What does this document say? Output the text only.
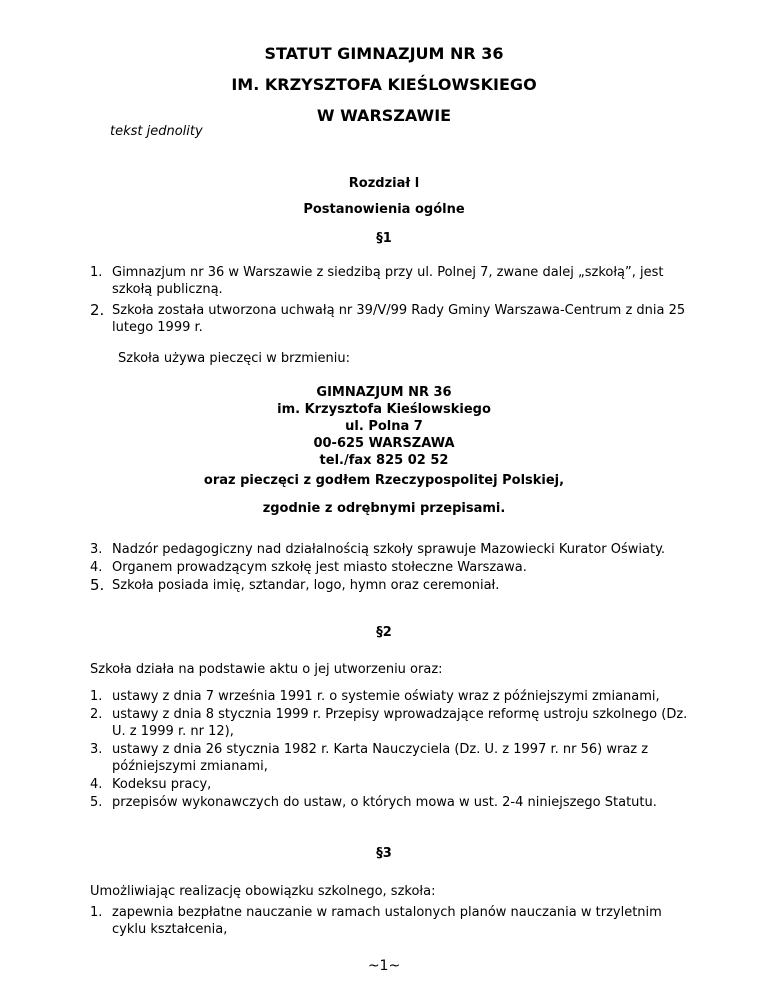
STATUT GIMNAZJUM NR 36
IM. KRZYSZTOFA KIEŚLOWSKIEGO
W WARSZAWIE
tekst jednolity
Rozdział l
Postanowienia ogólne
§1
1. Gimnazjum nr 36 w Warszawie z siedzibą przy ul. Polnej 7, zwane dalej „szkołą”, jest szkołą publiczną.
2. Szkoła została utworzona uchwałą nr 39/V/99 Rady Gminy Warszawa-Centrum z dnia 25 lutego 1999 r.
Szkoła używa pieczęci w brzmieniu:
GIMNAZJUM NR 36
im. Krzysztofa Kieślowskiego
ul. Polna 7
00-625 WARSZAWA
tel./fax 825 02 52
oraz pieczęci z godłem Rzeczypospolitej Polskiej,
zgodnie z odrębnymi przepisami.
3. Nadzór pedagogiczny nad działalnością szkoły sprawuje Mazowiecki Kurator Oświaty.
4. Organem prowadzącym szkołę jest miasto stołeczne Warszawa.
5. Szkoła posiada imię, sztandar, logo, hymn oraz ceremoniał.
§2
Szkoła działa na podstawie aktu o jej utworzeniu oraz:
1. ustawy z dnia 7 września 1991 r. o systemie oświaty wraz z późniejszymi zmianami,
2. ustawy z dnia 8 stycznia 1999 r. Przepisy wprowadzające reformę ustroju szkolnego (Dz. U. z 1999 r. nr 12),
3. ustawy z dnia 26 stycznia 1982 r. Karta Nauczyciela (Dz. U. z 1997 r. nr 56) wraz z późniejszymi zmianami,
4. Kodeksu pracy,
5. przepisów wykonawczych do ustaw, o których mowa w ust. 2-4 niniejszego Statutu.
§3
Umożliwiając realizację obowiązku szkolnego, szkoła:
1. zapewnia bezpłatne nauczanie w ramach ustalonych planów nauczania w trzyletnim cyklu kształcenia,
~1~
